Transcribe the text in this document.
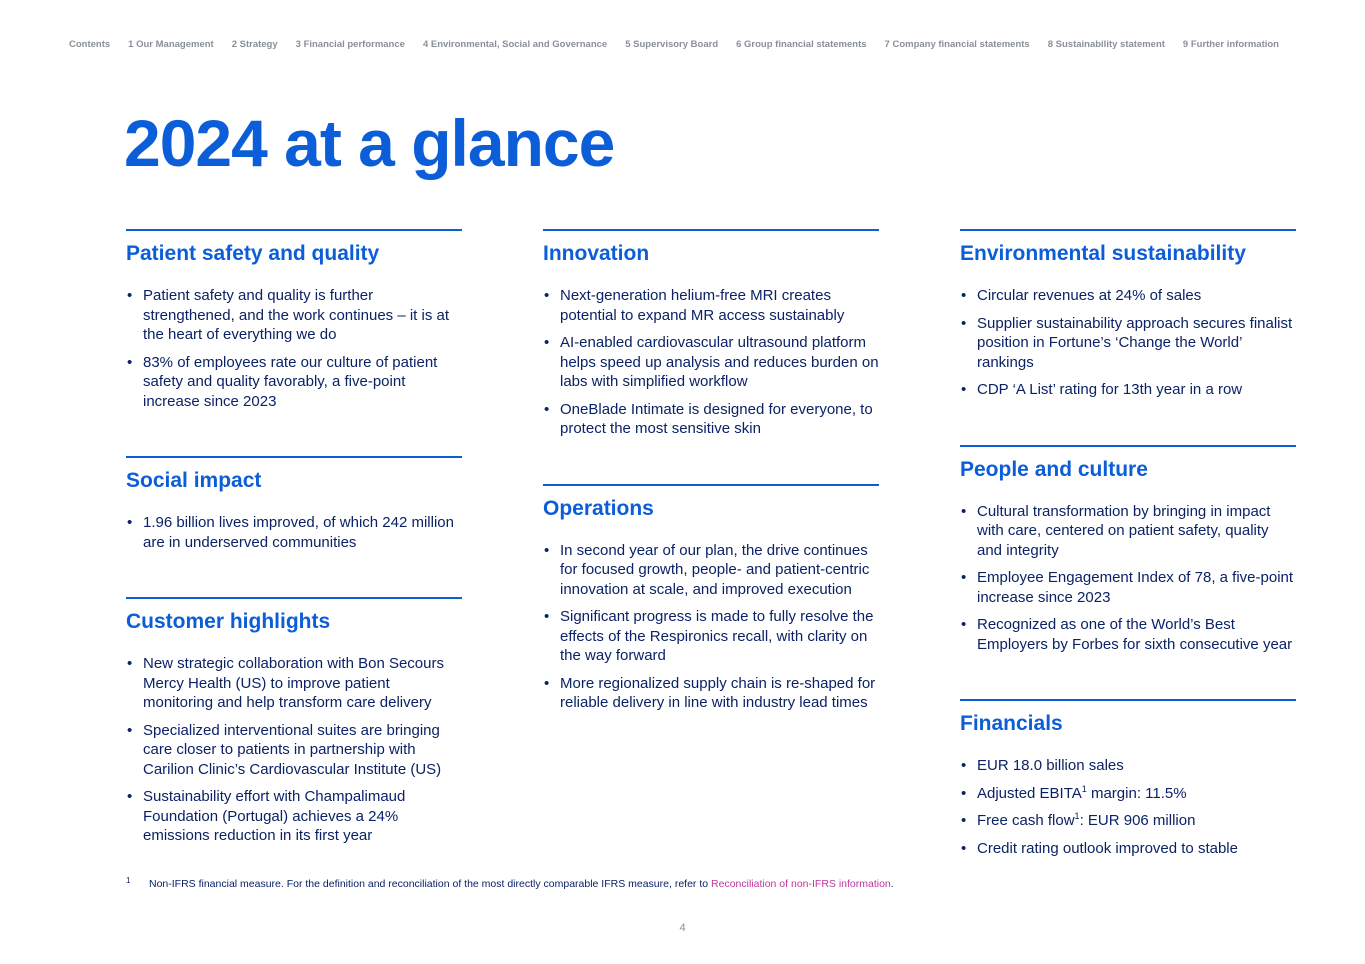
Contents 1 Our Management 2 Strategy 3 Financial performance 4 Environmental, Social and Governance 5 Supervisory Board 6 Group financial statements 7 Company financial statements 8 Sustainability statement 9 Further information
2024 at a glance
Patient safety and quality
• Patient safety and quality is further strengthened, and the work continues – it is at the heart of everything we do
• 83% of employees rate our culture of patient safety and quality favorably, a five-point increase since 2023
Social impact
• 1.96 billion lives improved, of which 242 million are in underserved communities
Customer highlights
• New strategic collaboration with Bon Secours Mercy Health (US) to improve patient monitoring and help transform care delivery
• Specialized interventional suites are bringing care closer to patients in partnership with Carilion Clinic’s Cardiovascular Institute (US)
• Sustainability effort with Champalimaud Foundation (Portugal) achieves a 24% emissions reduction in its first year
Innovation
• Next-generation helium-free MRI creates potential to expand MR access sustainably
• AI-enabled cardiovascular ultrasound platform helps speed up analysis and reduces burden on labs with simplified workflow
• OneBlade Intimate is designed for everyone, to protect the most sensitive skin
Operations
• In second year of our plan, the drive continues for focused growth, people- and patient-centric innovation at scale, and improved execution
• Significant progress is made to fully resolve the effects of the Respironics recall, with clarity on the way forward
• More regionalized supply chain is re-shaped for reliable delivery in line with industry lead times
Environmental sustainability
• Circular revenues at 24% of sales
• Supplier sustainability approach secures finalist position in Fortune’s ‘Change the World’ rankings
• CDP ‘A List’ rating for 13th year in a row
People and culture
• Cultural transformation by bringing in impact with care, centered on patient safety, quality and integrity
• Employee Engagement Index of 78, a five-point increase since 2023
• Recognized as one of the World’s Best Employers by Forbes for sixth consecutive year
Financials
• EUR 18.0 billion sales
• Adjusted EBITA$^1$ margin: 11.5%
• Free cash flow$^1$: EUR 906 million
• Credit rating outlook improved to stable
1 Non-IFRS financial measure. For the definition and reconciliation of the most directly comparable IFRS measure, refer to Reconciliation of non-IFRS information.
4
